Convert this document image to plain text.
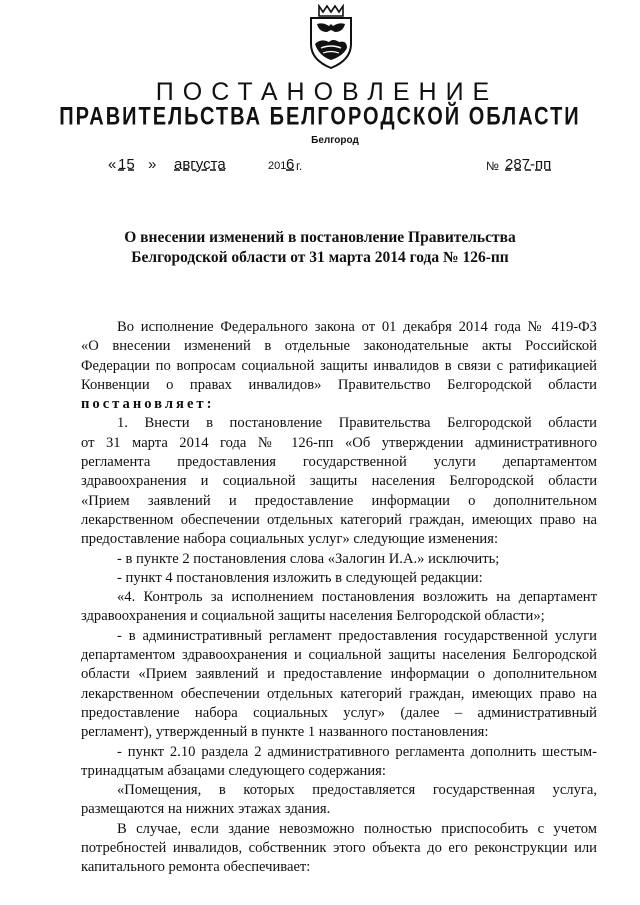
ПОСТАНОВЛЕНИЕ
ПРАВИТЕЛЬСТВА БЕЛГОРОДСКОЙ ОБЛАСТИ
Белгород
« 15 » августа	201 6 г.	№ 287-пп
О внесении изменений в постановление Правительства
Белгородской области от 31 марта 2014 года № 126-пп

Во исполнение Федерального закона от 01 декабря 2014 года № 419-ФЗ

«О внесении изменений в отдельные законодательные акты Российской

Федерации по вопросам социальной защиты инвалидов в связи с ратификацией

Конвенции о правах инвалидов» Правительство Белгородской области

постановляет:

1. Внести в постановление Правительства Белгородской области

от 31 марта 2014 года № 126-пп «Об утверждении административного

регламента предоставления государственной услуги департаментом

здравоохранения и социальной защиты населения Белгородской области

«Прием заявлений и предоставление информации о дополнительном

лекарственном обеспечении отдельных категорий граждан, имеющих право на

предоставление набора социальных услуг» следующие изменения:

- в пункте 2 постановления слова «Залогин И.А.» исключить;

- пункт 4 постановления изложить в следующей редакции:

«4. Контроль за исполнением постановления возложить на департамент

здравоохранения и социальной защиты населения Белгородской области»;

- в административный регламент предоставления государственной услуги

департаментом здравоохранения и социальной защиты населения Белгородской

области «Прием заявлений и предоставление информации о дополнительном

лекарственном обеспечении отдельных категорий граждан, имеющих право на

предоставление набора социальных услуг» (далее – административный

регламент), утвержденный в пункте 1 названного постановления:

- пункт 2.10 раздела 2 административного регламента дополнить шестым-

тринадцатым абзацами следующего содержания:

«Помещения, в которых предоставляется государственная услуга,

размещаются на нижних этажах здания.

В случае, если здание невозможно полностью приспособить с учетом

потребностей инвалидов, собственник этого объекта до его реконструкции или

капитального ремонта обеспечивает:
